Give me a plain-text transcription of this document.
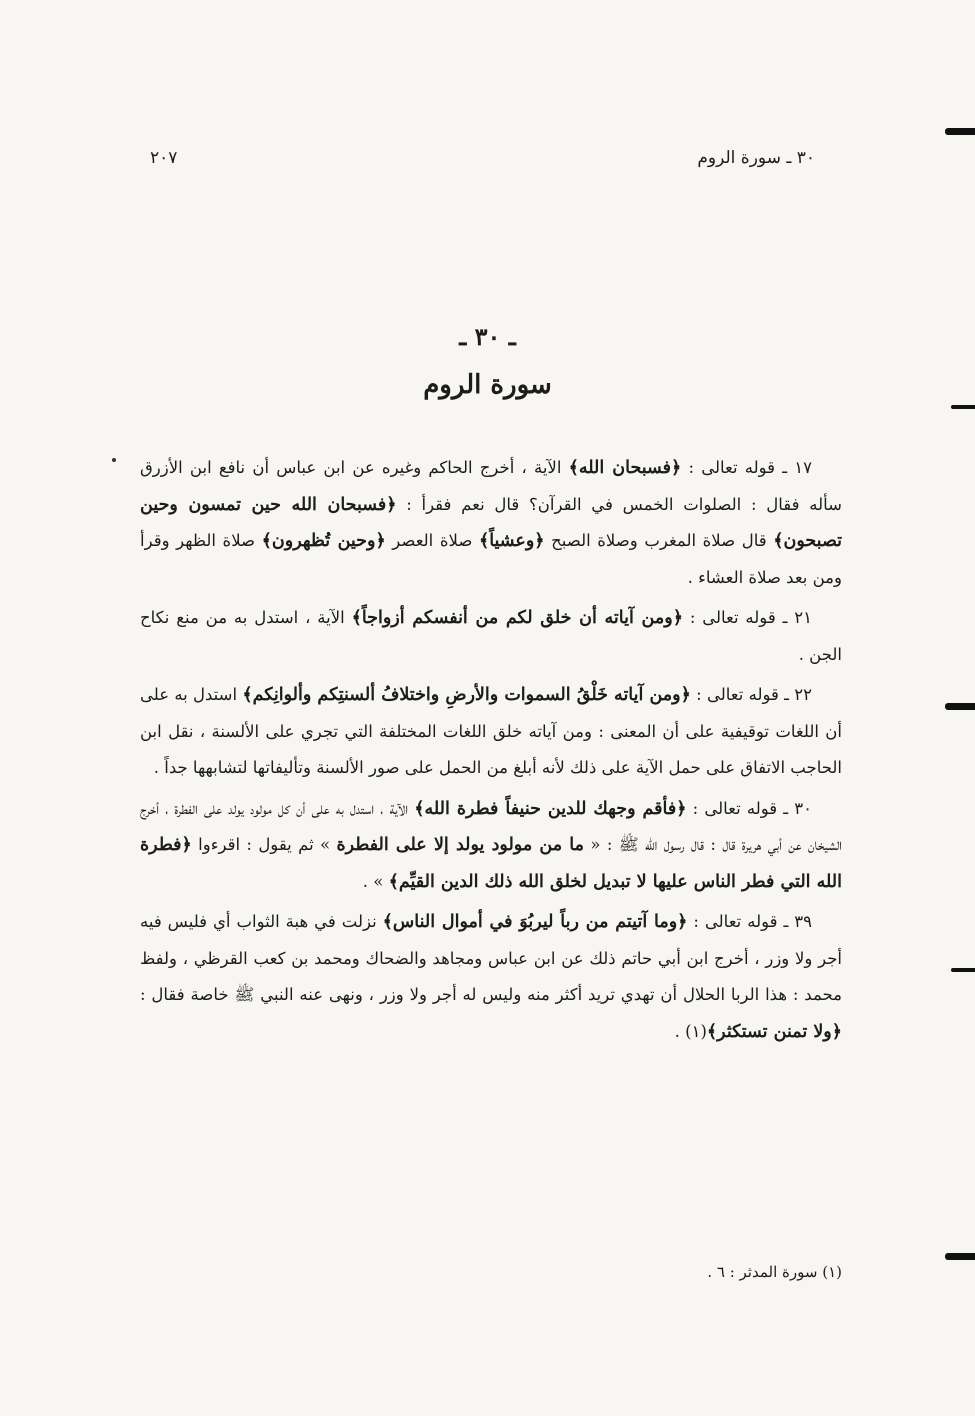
٣٠ ـ سورة الروم
٢٠٧
ـ ٣٠ ـ
سورة الروم

١٧ ـ قوله تعالى : ﴿فسبحان الله﴾ الآية ، أخرج الحاكم وغيره عن ابن عباس أن نافع ابن الأزرق سأله فقال : الصلوات الخمس في القرآن؟ قال نعم فقرأ : ﴿فسبحان الله حين تمسون وحين تصبحون﴾ قال صلاة المغرب وصلاة الصبح ﴿وعشياً﴾ صلاة العصر ﴿وحين تُظهرون﴾ صلاة الظهر وقرأ ومن بعد صلاة العشاء .

٢١ ـ قوله تعالى : ﴿ومن آياته أن خلق لكم من أنفسكم أزواجاً﴾ الآية ، استدل به من منع نكاح الجن .

٢٢ ـ قوله تعالى : ﴿ومن آياته خَلْقُ السموات والأرضِ واختلافُ ألسنتِكم وألوانِكم﴾ استدل به على أن اللغات توقيفية على أن المعنى : ومن آياته خلق اللغات المختلفة التي تجري على الألسنة ، نقل ابن الحاجب الاتفاق على حمل الآية على ذلك لأنه أبلغ من الحمل على صور الألسنة وتأليفاتها لتشابهها جداً .

٣٠ ـ قوله تعالى : ﴿فأقم وجهك للدين حنيفاً فطرة الله﴾ الآية ، استدل به على أن كل مولود يولد على الفطرة ، أخرج الشيخان عن أبي هريرة قال : قال رسول الله ﷺ : « ما من مولود يولد إلا على الفطرة » ثم يقول : اقرءوا ﴿فطرة الله التي فطر الناس عليها لا تبديل لخلق الله ذلك الدين القيِّم﴾ » .

٣٩ ـ قوله تعالى : ﴿وما آتيتم من رباً ليربُوَ في أموال الناس﴾ نزلت في هبة الثواب أي فليس فيه أجر ولا وزر ، أخرج ابن أبي حاتم ذلك عن ابن عباس ومجاهد والضحاك ومحمد بن كعب القرظي ، ولفظ محمد : هذا الربا الحلال أن تهدي تريد أكثر منه وليس له أجر ولا وزر ، ونهى عنه النبي ﷺ خاصة فقال : ﴿ولا تمنن تستكثر﴾(١) .

(١) سورة المدثر : ٦ .
